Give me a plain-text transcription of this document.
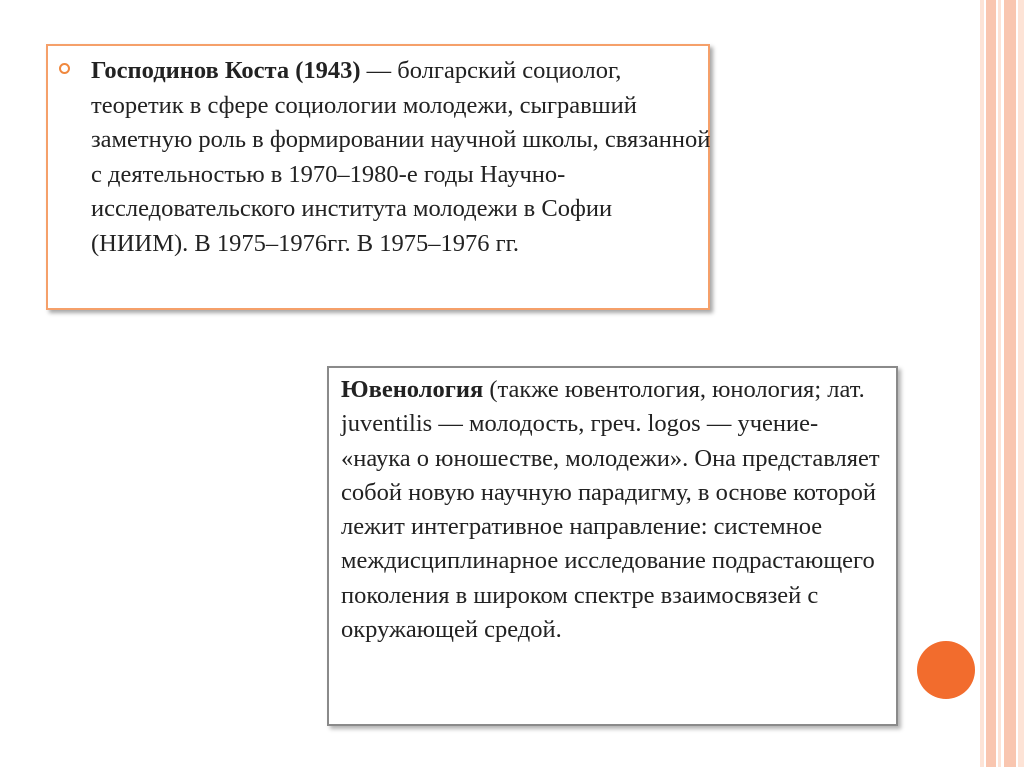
Господинов Коста (1943) — болгарский социолог, теоретик в сфере социологии молодежи, сыгравший заметную роль в формировании научной школы, связанной с деятельностью в 1970–1980-е годы Научно-исследовательского института молодежи в Софии (НИИМ). В 1975–1976гг. В 1975–1976 гг.
Ювенология (также ювентология, юнология; лат. juventilis — молодость, греч. logos — учение- «наука о юношестве, молодежи». Она представляет собой новую научную парадигму, в основе которой лежит интегративное направление: системное междисциплинарное исследование подрастающего поколения в широком спектре взаимосвязей с окружающей средой.
